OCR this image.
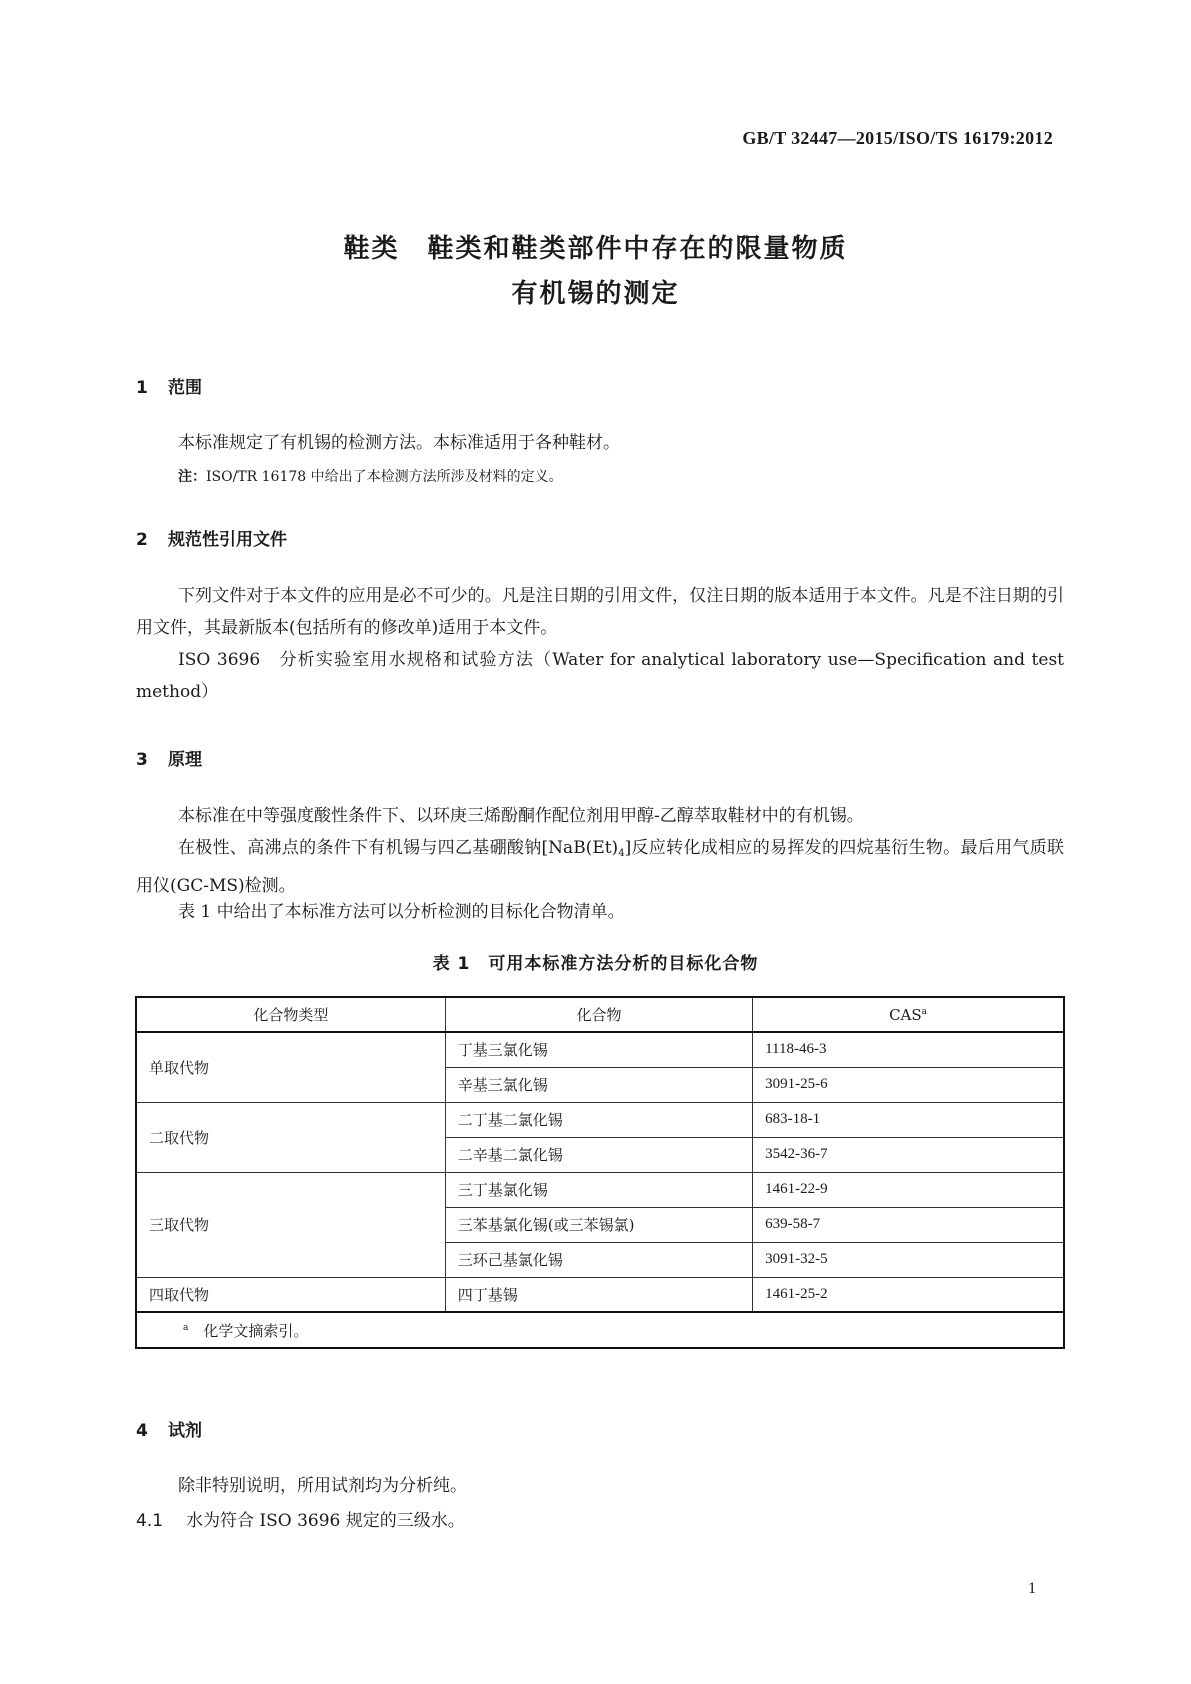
GB/T 32447—2015/ISO/TS 16179:2012
鞋类　鞋类和鞋类部件中存在的限量物质
有机锡的测定
1 范围
本标准规定了有机锡的检测方法。本标准适用于各种鞋材。
注：ISO/TR 16178 中给出了本检测方法所涉及材料的定义。
2 规范性引用文件
下列文件对于本文件的应用是必不可少的。凡是注日期的引用文件，仅注日期的版本适用于本文件。凡是不注日期的引用文件，其最新版本(包括所有的修改单)适用于本文件。
ISO 3696　分析实验室用水规格和试验方法（Water for analytical laboratory use—Specification and test method）
3 原理
本标准在中等强度酸性条件下、以环庚三烯酚酮作配位剂用甲醇-乙醇萃取鞋材中的有机锡。
在极性、高沸点的条件下有机锡与四乙基硼酸钠[NaB(Et)4]反应转化成相应的易挥发的四烷基衍生物。最后用气质联用仪(GC-MS)检测。
表 1 中给出了本标准方法可以分析检测的目标化合物清单。
表 1　可用本标准方法分析的目标化合物
化合物类型	化合物	CAS$^a$
单取代物	丁基三氯化锡	1118-46-3
	辛基三氯化锡	3091-25-6
二取代物	二丁基二氯化锡	683-18-1
	二辛基二氯化锡	3542-36-7
三取代物	三丁基氯化锡	1461-22-9
	三苯基氯化锡(或三苯锡氯)	639-58-7
	三环己基氯化锡	3091-32-5
四取代物	四丁基锡	1461-25-2
$^a$　 化学文摘索引。		
4 试剂
除非特别说明，所用试剂均为分析纯。
4.1 水为符合 ISO 3696 规定的三级水。
1
